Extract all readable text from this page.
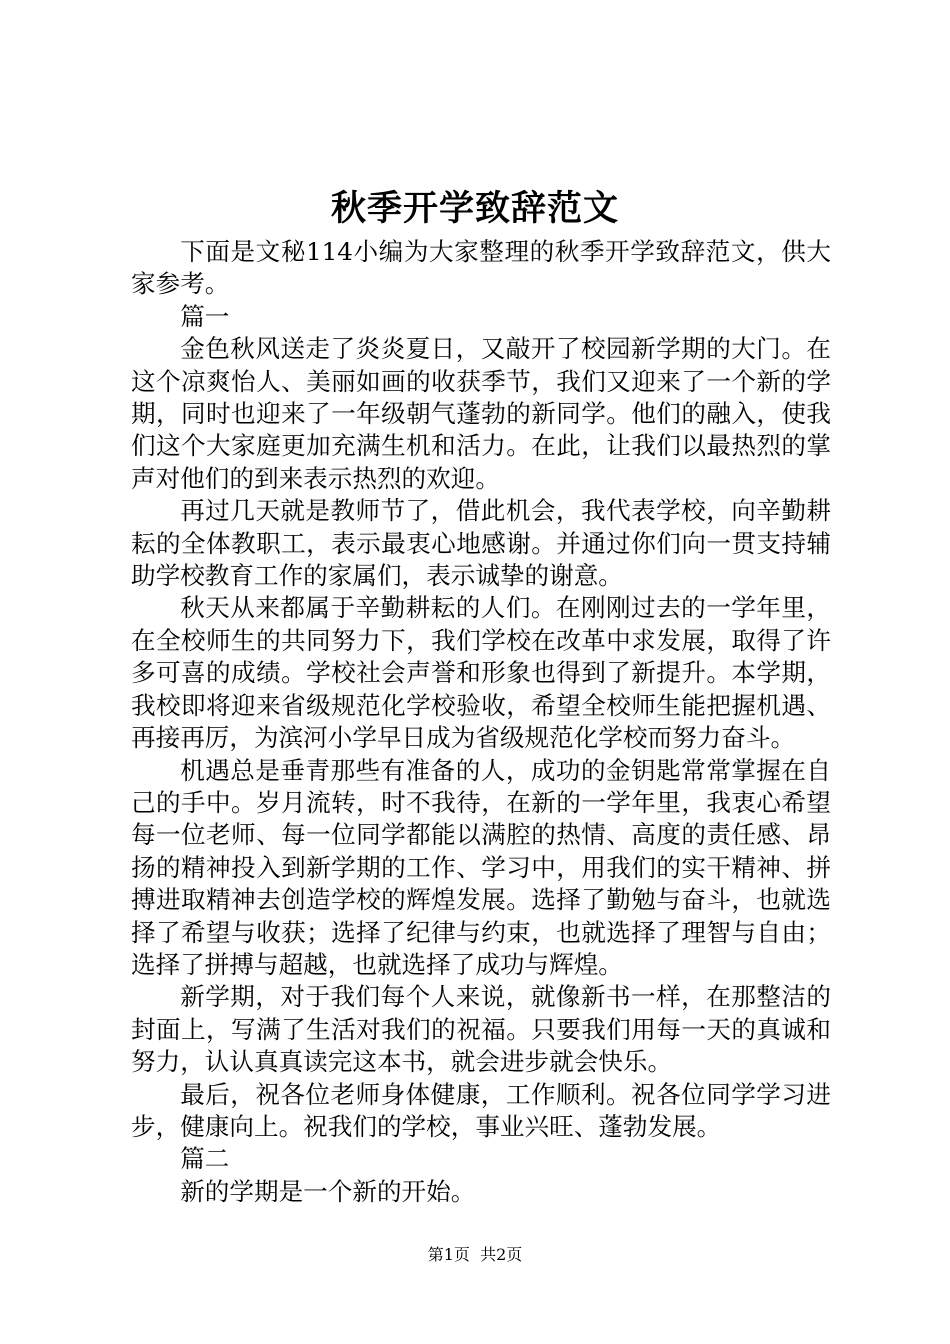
秋季开学致辞范文

下面是文秘114小编为大家整理的秋季开学致辞范文，供大家参考。

篇一

金色秋风送走了炎炎夏日，又敲开了校园新学期的大门。在这个凉爽怡人、美丽如画的收获季节，我们又迎来了一个新的学期，同时也迎来了一年级朝气蓬勃的新同学。他们的融入，使我们这个大家庭更加充满生机和活力。在此，让我们以最热烈的掌声对他们的到来表示热烈的欢迎。

再过几天就是教师节了，借此机会，我代表学校，向辛勤耕耘的全体教职工，表示最衷心地感谢。并通过你们向一贯支持辅助学校教育工作的家属们，表示诚挚的谢意。

秋天从来都属于辛勤耕耘的人们。在刚刚过去的一学年里，在全校师生的共同努力下，我们学校在改革中求发展，取得了许多可喜的成绩。学校社会声誉和形象也得到了新提升。本学期，我校即将迎来省级规范化学校验收，希望全校师生能把握机遇、再接再厉，为滨河小学早日成为省级规范化学校而努力奋斗。

机遇总是垂青那些有准备的人，成功的金钥匙常常掌握在自己的手中。岁月流转，时不我待，在新的一学年里，我衷心希望每一位老师、每一位同学都能以满腔的热情、高度的责任感、昂扬的精神投入到新学期的工作、学习中，用我们的实干精神、拼搏进取精神去创造学校的辉煌发展。选择了勤勉与奋斗，也就选择了希望与收获；选择了纪律与约束，也就选择了理智与自由；选择了拼搏与超越，也就选择了成功与辉煌。

新学期，对于我们每个人来说，就像新书一样，在那整洁的封面上，写满了生活对我们的祝福。只要我们用每一天的真诚和努力，认认真真读完这本书，就会进步就会快乐。

最后，祝各位老师身体健康，工作顺利。祝各位同学学习进步，健康向上。祝我们的学校，事业兴旺、蓬勃发展。

篇二

新的学期是一个新的开始。

第1页  共2页
